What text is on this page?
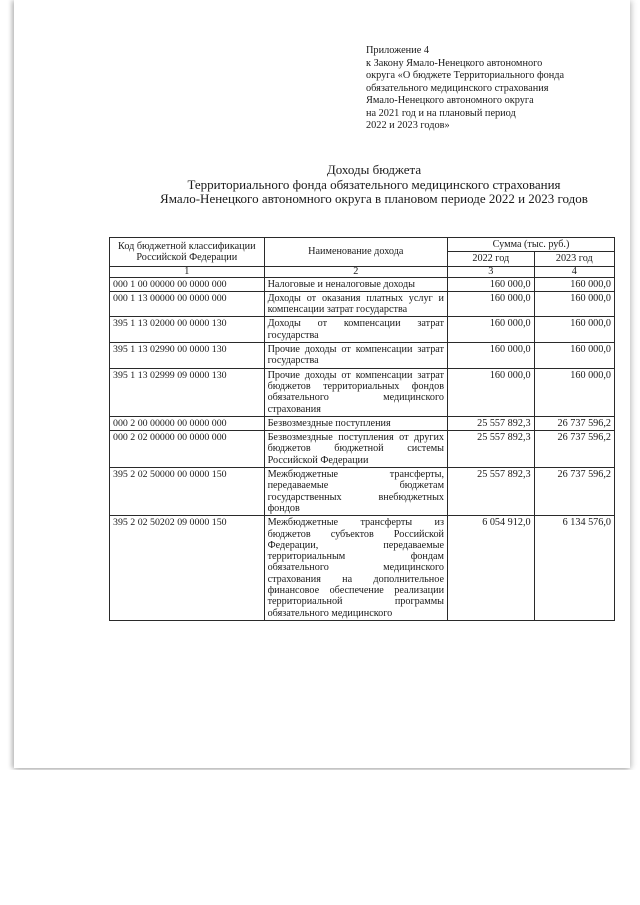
Приложение 4
к Закону Ямало-Ненецкого автономного
округа «О бюджете Территориального фонда
обязательного медицинского страхования
Ямало-Ненецкого автономного округа
на 2021 год и на плановый период
2022 и 2023 годов»
Доходы бюджета
Территориального фонда обязательного медицинского страхования
Ямало-Ненецкого автономного округа в плановом периоде 2022 и 2023 годов
Код бюджетной классификации Российской Федерации	Наименование дохода	Сумма (тыс. руб.)	
		2022 год	2023 год
1	2	3	4
000 1 00 00000 00 0000 000	Налоговые и неналоговые доходы	160 000,0	160 000,0
000 1 13 00000 00 0000 000	Доходы от оказания платных услуг и компенсации затрат государства	160 000,0	160 000,0
395 1 13 02000 00 0000 130	Доходы от компенсации затрат государства	160 000,0	160 000,0
395 1 13 02990 00 0000 130	Прочие доходы от компенсации затрат государства	160 000,0	160 000,0
395 1 13 02999 09 0000 130	Прочие доходы от компенсации затрат бюджетов территориальных фондов обязательного медицинского страхования	160 000,0	160 000,0
000 2 00 00000 00 0000 000	Безвозмездные поступления	25 557 892,3	26 737 596,2
000 2 02 00000 00 0000 000	Безвозмездные поступления от других бюджетов бюджетной системы Российской Федерации	25 557 892,3	26 737 596,2
395 2 02 50000 00 0000 150	Межбюджетные трансферты, передаваемые бюджетам государственных внебюджетных фондов	25 557 892,3	26 737 596,2
395 2 02 50202 09 0000 150	Межбюджетные трансферты из бюджетов субъектов Российской Федерации, передаваемые территориальным фондам обязательного медицинского страхования на дополнительное финансовое обеспечение реализации территориальной программы обязательного медицинского	6 054 912,0	6 134 576,0
